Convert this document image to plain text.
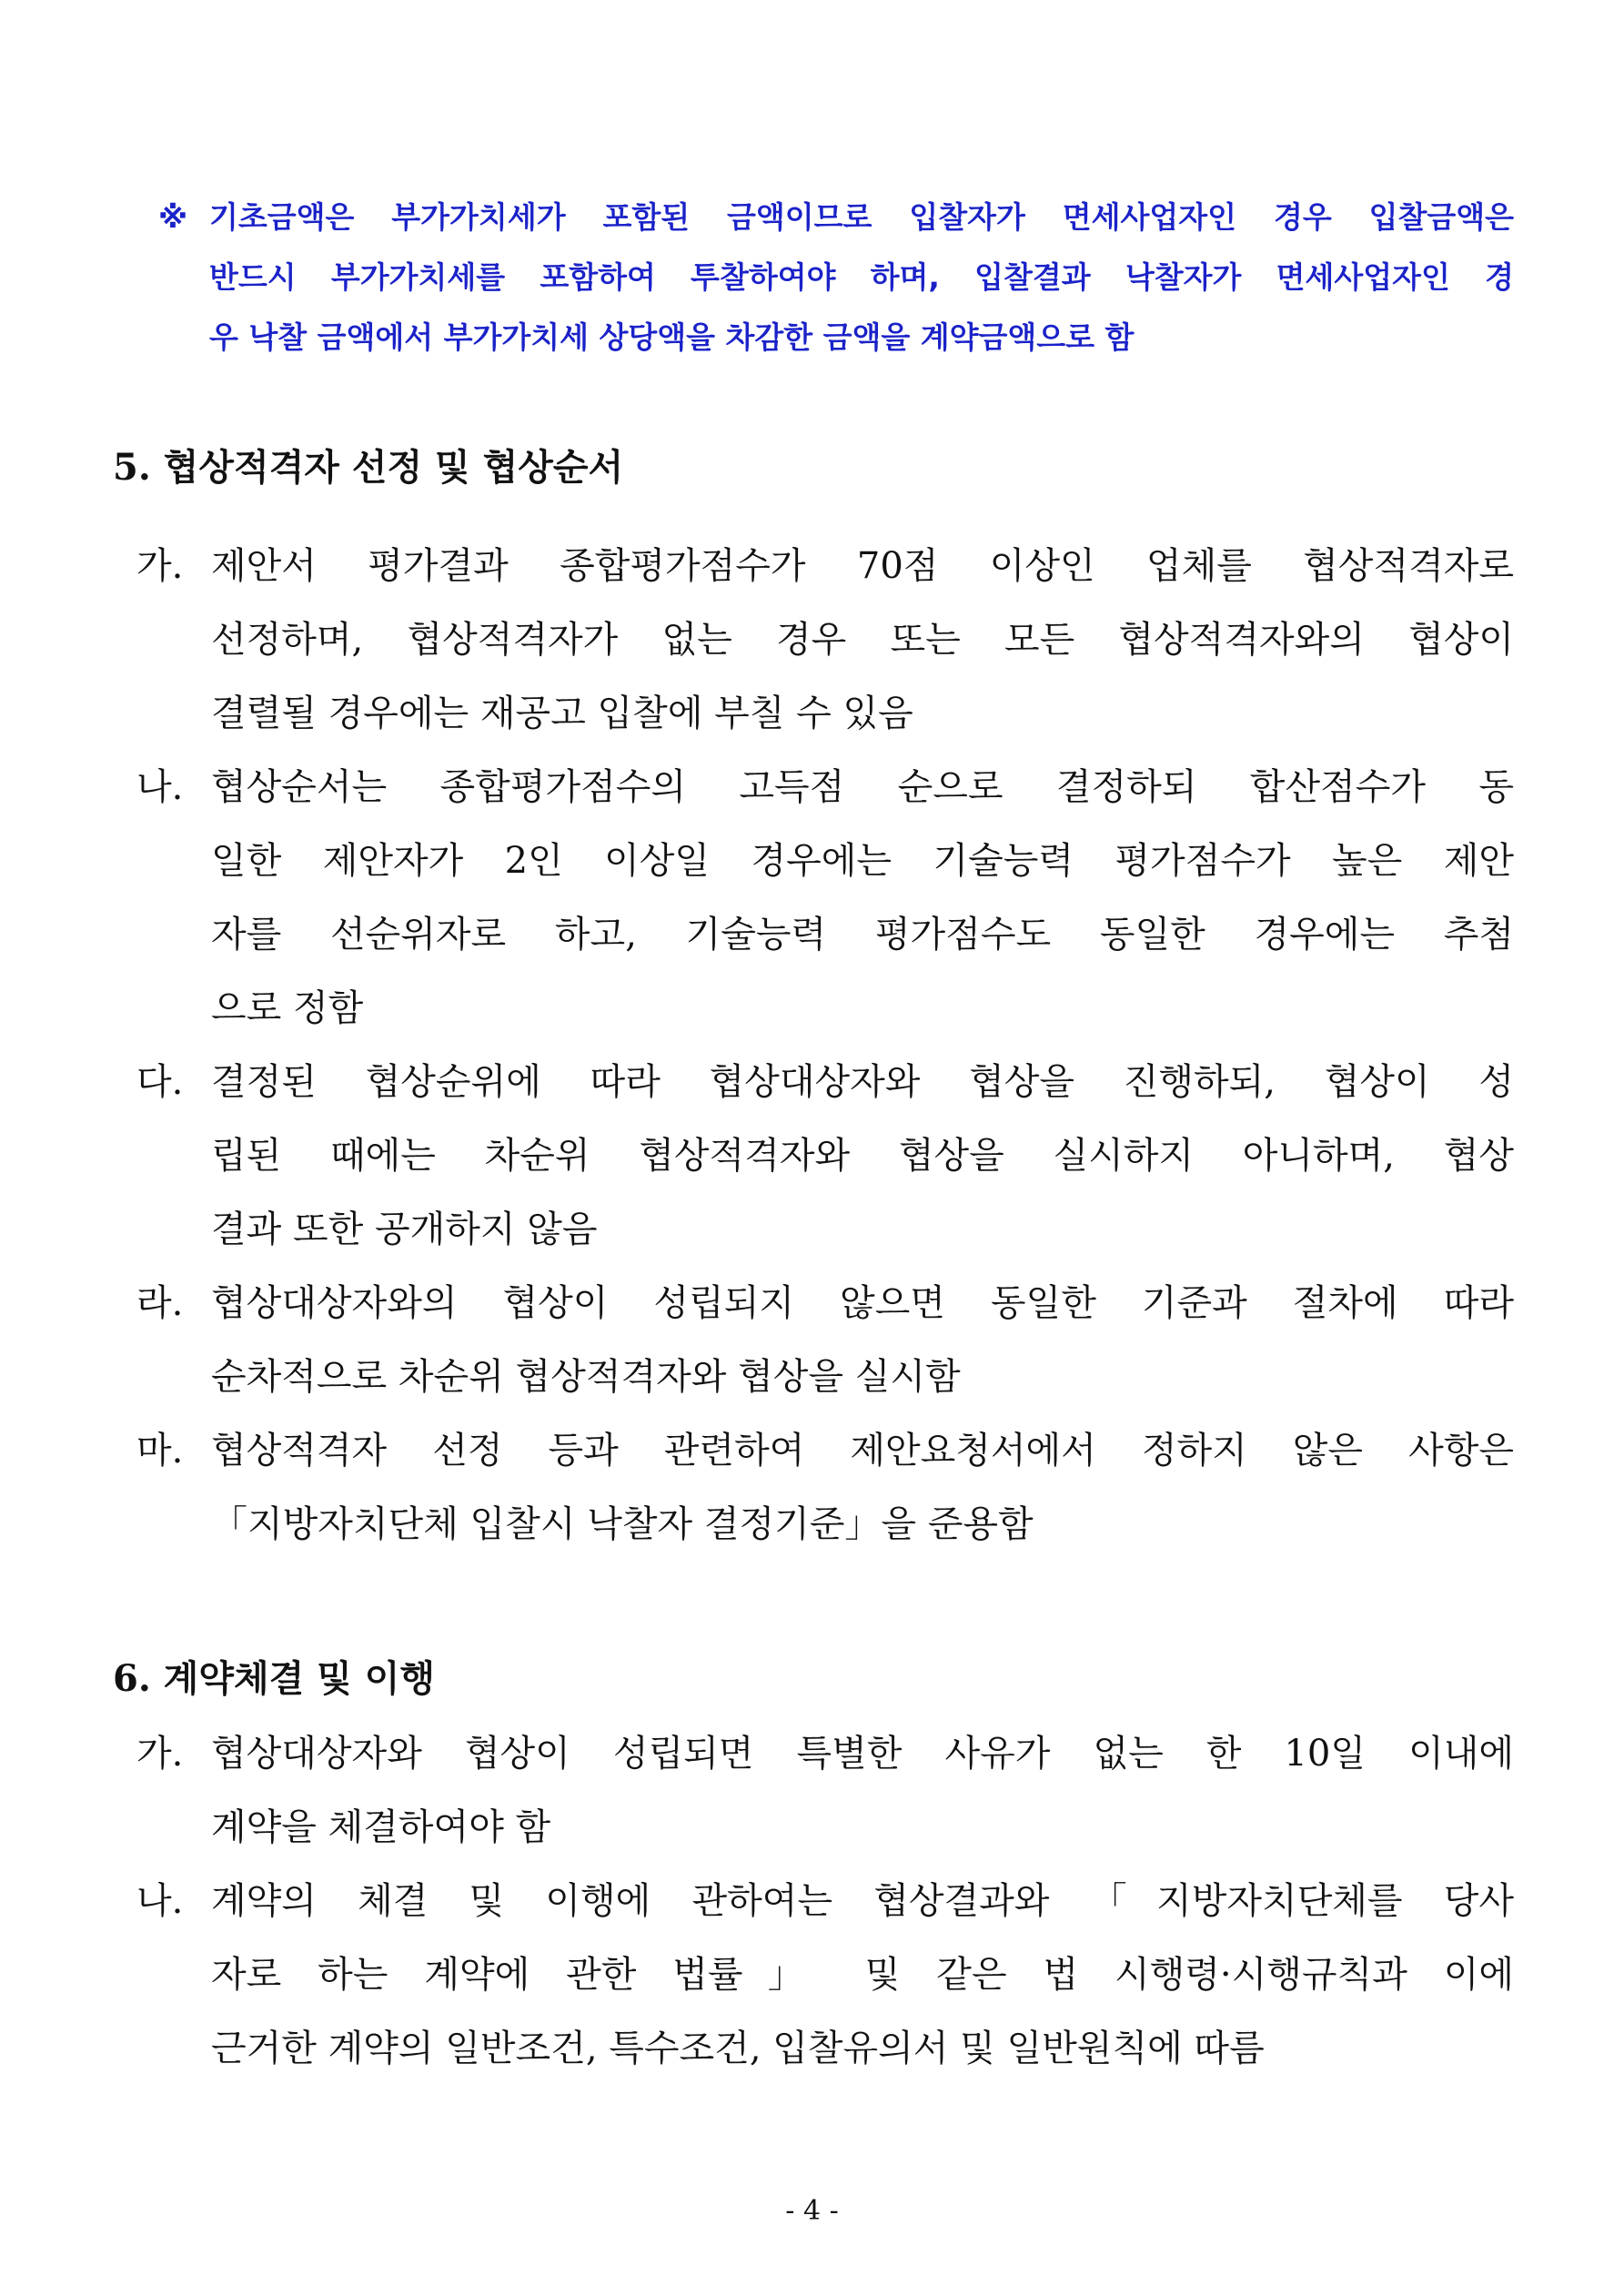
※ 기초금액은 부가가치세가 포함된 금액이므로 입찰자가 면세사업자인 경우 입찰금액은
반드시 부가가치세를 포함하여 투찰하여야 하며, 입찰결과 낙찰자가 면세사업자인 경
우 낙찰 금액에서 부가가치세 상당액을 차감한 금액을 계약금액으로 함
5. 협상적격자 선정 및 협상순서
가. 제안서 평가결과 종합평가점수가 70점 이상인 업체를 협상적격자로
선정하며, 협상적격자가 없는 경우 또는 모든 협상적격자와의 협상이
결렬될 경우에는 재공고 입찰에 부칠 수 있음
나. 협상순서는 종합평가점수의 고득점 순으로 결정하되 합산점수가 동
일한 제안자가 2인 이상일 경우에는 기술능력 평가점수가 높은 제안
자를 선순위자로 하고, 기술능력 평가점수도 동일한 경우에는 추첨
으로 정함
다. 결정된 협상순위에 따라 협상대상자와 협상을 진행하되, 협상이 성
립된 때에는 차순위 협상적격자와 협상을 실시하지 아니하며, 협상
결과 또한 공개하지 않음
라. 협상대상자와의 협상이 성립되지 않으면 동일한 기준과 절차에 따라
순차적으로 차순위 협상적격자와 협상을 실시함
마. 협상적격자 선정 등과 관련하여 제안요청서에서 정하지 않은 사항은
「지방자치단체 입찰시 낙찰자 결정기준」을 준용함
6. 계약체결 및 이행
가. 협상대상자와 협상이 성립되면 특별한 사유가 없는 한 10일 이내에
계약을 체결하여야 함
나. 계약의 체결 및 이행에 관하여는 협상결과와 「지방자치단체를 당사
자로 하는 계약에 관한 법률」 및 같은 법 시행령·시행규칙과 이에
근거한 계약의 일반조건, 특수조건, 입찰유의서 및 일반원칙에 따름
- 4 -
